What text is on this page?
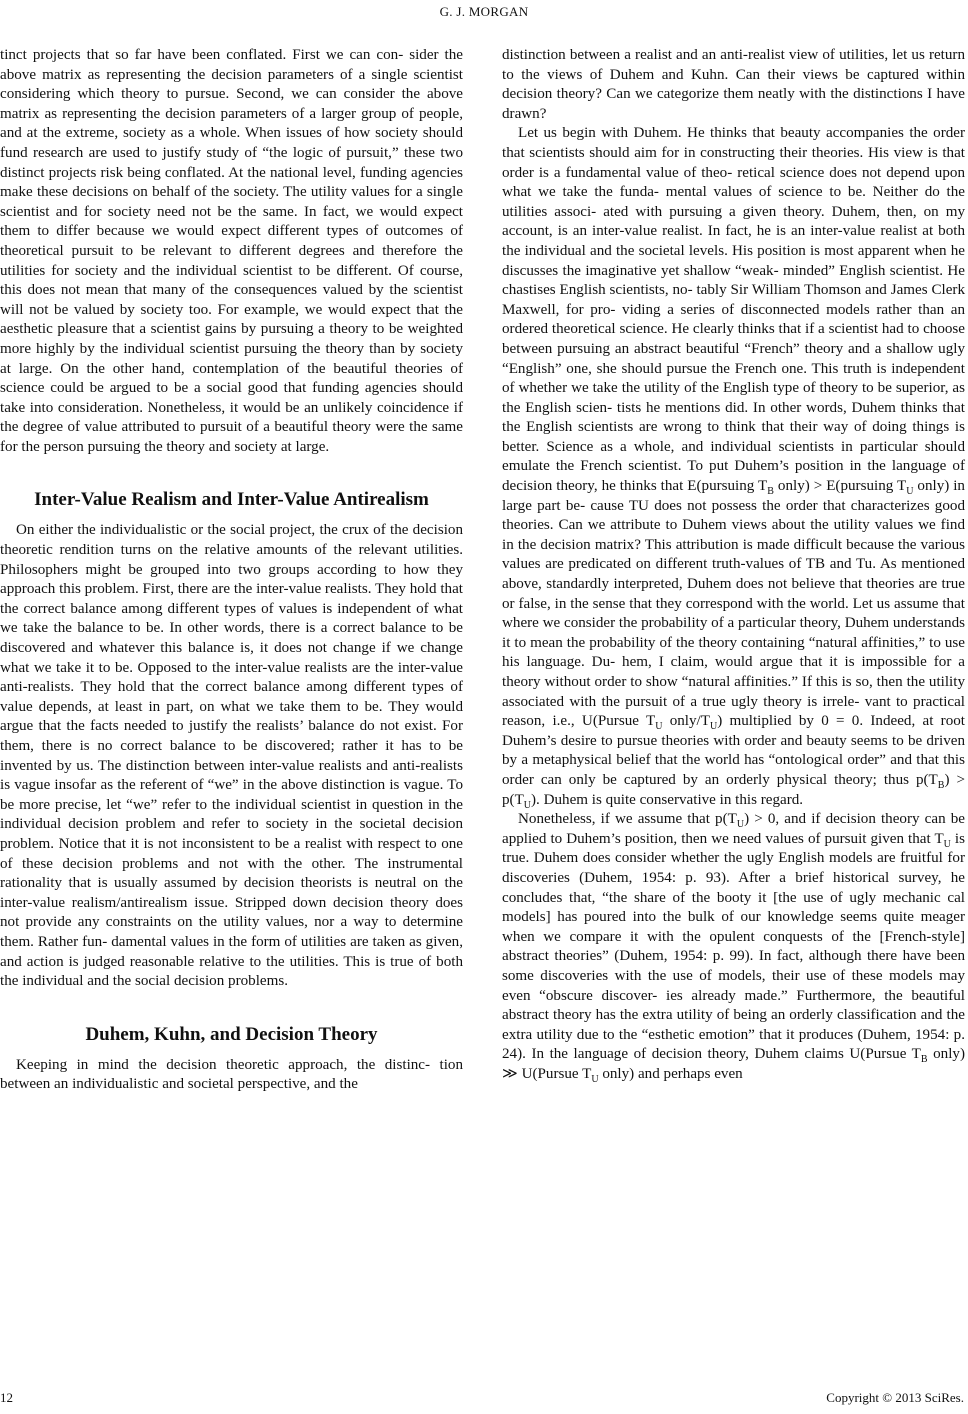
G. J. MORGAN

tinct projects that so far have been conflated. First we can con- sider the above matrix as representing the decision parameters of a single scientist considering which theory to pursue. Second, we can consider the above matrix as representing the decision parameters of a larger group of people, and at the extreme, society as a whole. When issues of how society should fund research are used to justify study of “the logic of pursuit,” these two distinct projects risk being conflated. At the national level, funding agencies make these decisions on behalf of the society. The utility values for a single scientist and for society need not be the same. In fact, we would expect them to differ because we would expect different types of outcomes of theoretical pursuit to be relevant to different degrees and therefore the utilities for society and the individual scientist to be different. Of course, this does not mean that many of the consequences valued by the scientist will not be valued by society too. For example, we would expect that the aesthetic pleasure that a scientist gains by pursuing a theory to be weighted more highly by the individual scientist pursuing the theory than by society at large. On the other hand, contemplation of the beautiful theories of science could be argued to be a social good that funding agencies should take into consideration. Nonetheless, it would be an unlikely coincidence if the degree of value attributed to pursuit of a beautiful theory were the same for the person pursuing the theory and society at large.

Inter-Value Realism and Inter-Value Antirealism

On either the individualistic or the social project, the crux of the decision theoretic rendition turns on the relative amounts of the relevant utilities. Philosophers might be grouped into two groups according to how they approach this problem. First, there are the inter-value realists. They hold that the correct balance among different types of values is independent of what we take the balance to be. In other words, there is a correct balance to be discovered and whatever this balance is, it does not change if we change what we take it to be. Opposed to the inter-value realists are the inter-value anti-realists. They hold that the correct balance among different types of value depends, at least in part, on what we take them to be. They would argue that the facts needed to justify the realists’ balance do not exist. For them, there is no correct balance to be discovered; rather it has to be invented by us. The distinction between inter-value realists and anti-realists is vague insofar as the referent of “we” in the above distinction is vague. To be more precise, let “we” refer to the individual scientist in question in the individual decision problem and refer to society in the societal decision problem. Notice that it is not inconsistent to be a realist with respect to one of these decision problems and not with the other. The instrumental rationality that is usually assumed by decision theorists is neutral on the inter-value realism/antirealism issue. Stripped down decision theory does not provide any constraints on the utility values, nor a way to determine them. Rather fun- damental values in the form of utilities are taken as given, and action is judged reasonable relative to the utilities. This is true of both the individual and the social decision problems.

Duhem, Kuhn, and Decision Theory

Keeping in mind the decision theoretic approach, the distinc- tion between an individualistic and societal perspective, and the

distinction between a realist and an anti-realist view of utilities, let us return to the views of Duhem and Kuhn. Can their views be captured within decision theory? Can we categorize them neatly with the distinctions I have drawn?

Let us begin with Duhem. He thinks that beauty accompanies the order that scientists should aim for in constructing their theories. His view is that order is a fundamental value of theo- retical science does not depend upon what we take the funda- mental values of science to be. Neither do the utilities associ- ated with pursuing a given theory. Duhem, then, on my account, is an inter-value realist. In fact, he is an inter-value realist at both the individual and the societal levels. His position is most apparent when he discusses the imaginative yet shallow “weak- minded” English scientist. He chastises English scientists, no- tably Sir William Thomson and James Clerk Maxwell, for pro- viding a series of disconnected models rather than an ordered theoretical science. He clearly thinks that if a scientist had to choose between pursuing an abstract beautiful “French” theory and a shallow ugly “English” one, she should pursue the French one. This truth is independent of whether we take the utility of the English type of theory to be superior, as the English scien- tists he mentions did. In other words, Duhem thinks that the English scientists are wrong to think that their way of doing things is better. Science as a whole, and individual scientists in particular should emulate the French scientist. To put Duhem’s position in the language of decision theory, he thinks that E(pursuing $T_B$ only) > E(pursuing $T_U$ only) in large part be- cause TU does not possess the order that characterizes good theories. Can we attribute to Duhem views about the utility values we find in the decision matrix? This attribution is made difficult because the various values are predicated on different truth-values of TB and Tu. As mentioned above, standardly interpreted, Duhem does not believe that theories are true or false, in the sense that they correspond with the world. Let us assume that where we consider the probability of a particular theory, Duhem understands it to mean the probability of the theory containing “natural affinities,” to use his language. Du- hem, I claim, would argue that it is impossible for a theory without order to show “natural affinities.” If this is so, then the utility associated with the pursuit of a true ugly theory is irrele- vant to practical reason, i.e., U(Pursue $T_U$ only/$T_U$) multiplied by 0 = 0. Indeed, at root Duhem’s desire to pursue theories with order and beauty seems to be driven by a metaphysical belief that the world has “ontological order” and that this order can only be captured by an orderly physical theory; thus $p(T_B) > p(T_U)$. Duhem is quite conservative in this regard.

Nonetheless, if we assume that $p(T_U) > 0$, and if decision theory can be applied to Duhem’s position, then we need values of pursuit given that $T_U$ is true. Duhem does consider whether the ugly English models are fruitful for discoveries (Duhem, 1954: p. 93). After a brief historical survey, he concludes that, “the share of the booty it [the use of ugly mechanic cal models] has poured into the bulk of our knowledge seems quite meager when we compare it with the opulent conquests of the [French-style] abstract theories” (Duhem, 1954: p. 99). In fact, although there have been some discoveries with the use of models, their use of these models may even “obscure discover- ies already made.” Furthermore, the beautiful abstract theory has the extra utility of being an orderly classification and the extra utility due to the “esthetic emotion” that it produces (Duhem, 1954: p. 24). In the language of decision theory, Duhem claims U(Pursue $T_B$ only) ≫ U(Pursue $T_U$ only) and perhaps even

12	Copyright © 2013 SciRes.
